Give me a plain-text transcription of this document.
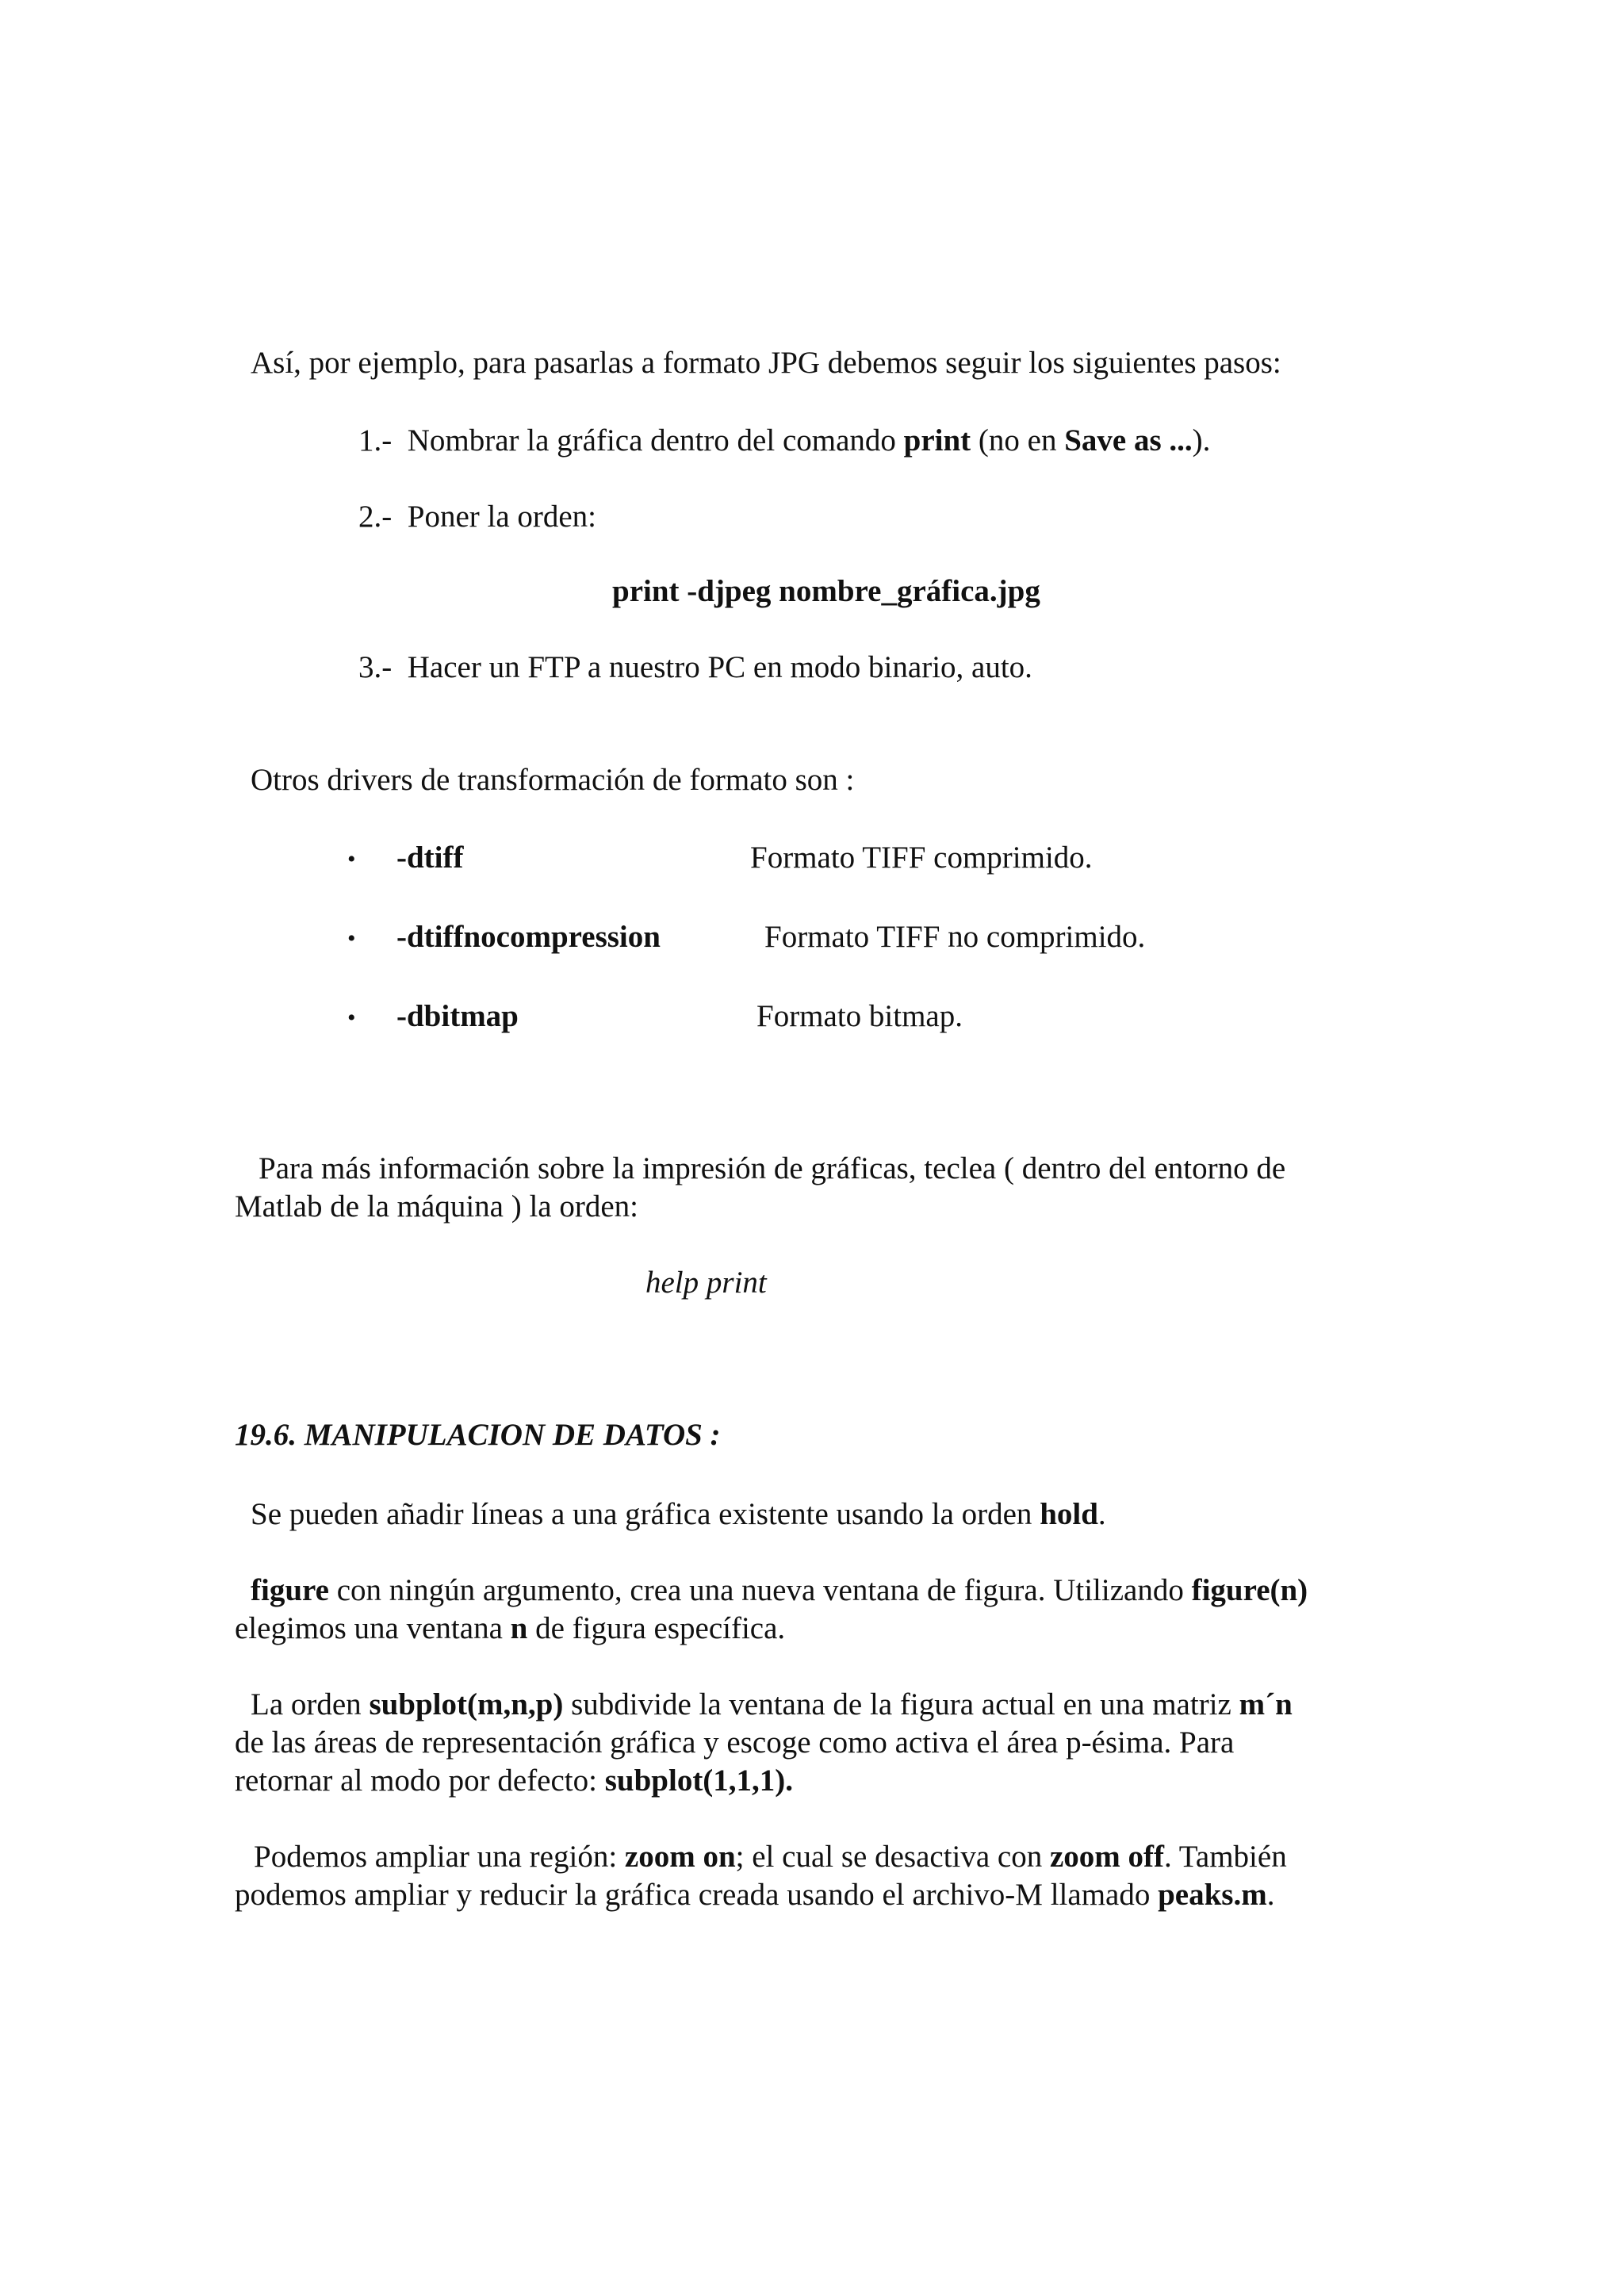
Así, por ejemplo, para pasarlas a formato JPG debemos seguir los siguientes pasos:
1.- Nombrar la gráfica dentro del comando print (no en Save as ...).
2.- Poner la orden:
print -djpeg nombre_gráfica.jpg
3.- Hacer un FTP a nuestro PC en modo binario, auto.
Otros drivers de transformación de formato son :
• -dtiff	Formato TIFF comprimido.
• -dtiffnocompression	Formato TIFF no comprimido.
• -dbitmap	Formato bitmap.
Para más información sobre la impresión de gráficas, teclea ( dentro del entorno de
Matlab de la máquina ) la orden:
help print
19.6. MANIPULACION DE DATOS :
Se pueden añadir líneas a una gráfica existente usando la orden hold.
figure con ningún argumento, crea una nueva ventana de figura. Utilizando figure(n)
elegimos una ventana n de figura específica.
La orden subplot(m,n,p) subdivide la ventana de la figura actual en una matriz m´n
de las áreas de representación gráfica y escoge como activa el área p-ésima. Para
retornar al modo por defecto: subplot(1,1,1).
Podemos ampliar una región: zoom on; el cual se desactiva con zoom off. También
podemos ampliar y reducir la gráfica creada usando el archivo-M llamado peaks.m.
